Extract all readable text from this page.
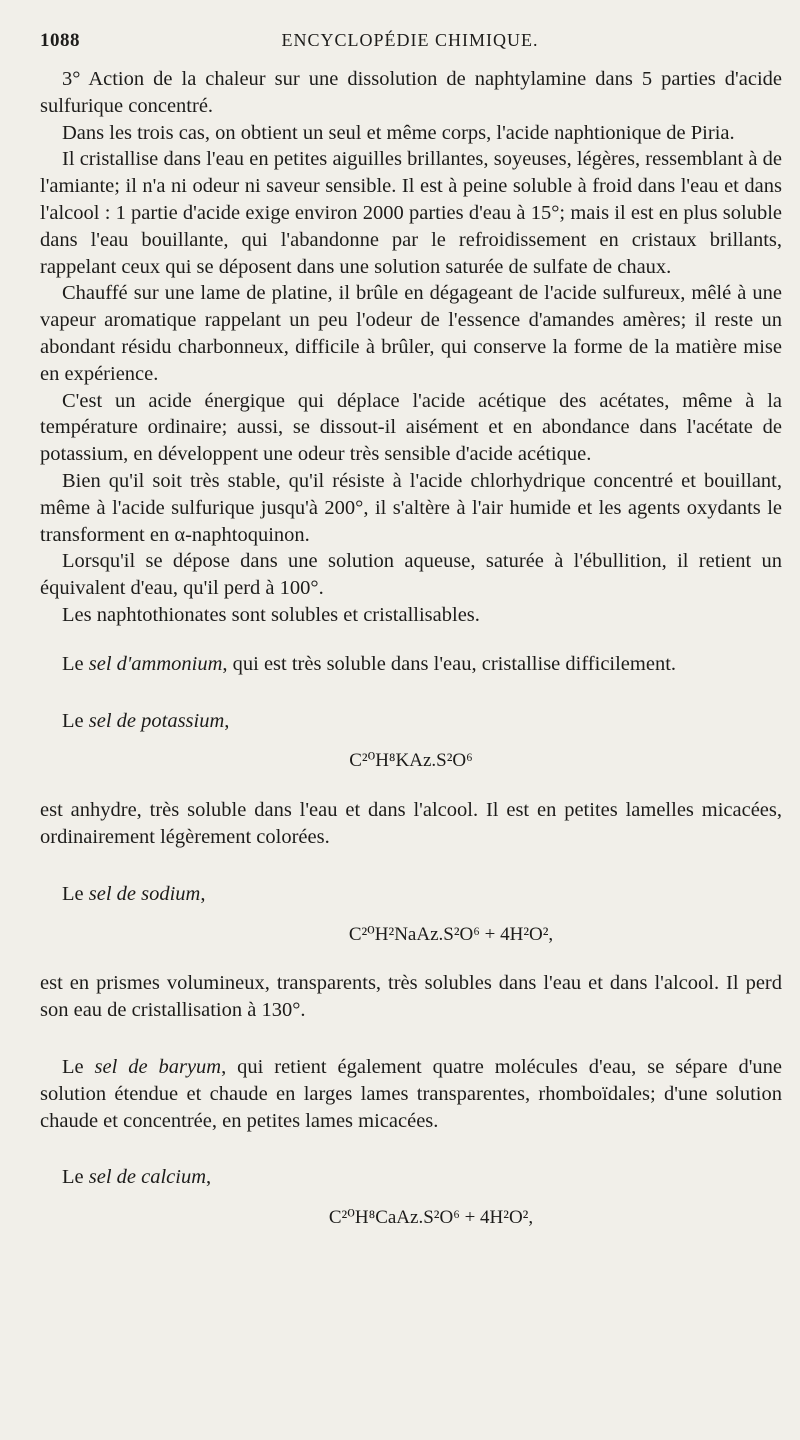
1088	ENCYCLOPÉDIE CHIMIQUE.

3° Action de la chaleur sur une dissolution de naphtylamine dans 5 parties d'acide sulfurique concentré.

Dans les trois cas, on obtient un seul et même corps, l'acide naphtionique de Piria.

Il cristallise dans l'eau en petites aiguilles brillantes, soyeuses, légères, ressemblant à de l'amiante; il n'a ni odeur ni saveur sensible. Il est à peine soluble à froid dans l'eau et dans l'alcool : 1 partie d'acide exige environ 2000 parties d'eau à 15°; mais il est en plus soluble dans l'eau bouillante, qui l'abandonne par le refroidissement en cristaux brillants, rappelant ceux qui se déposent dans une solution saturée de sulfate de chaux.

Chauffé sur une lame de platine, il brûle en dégageant de l'acide sulfureux, mêlé à une vapeur aromatique rappelant un peu l'odeur de l'essence d'amandes amères; il reste un abondant résidu charbonneux, difficile à brûler, qui conserve la forme de la matière mise en expérience.

C'est un acide énergique qui déplace l'acide acétique des acétates, même à la température ordinaire; aussi, se dissout-il aisément et en abondance dans l'acétate de potassium, en développent une odeur très sensible d'acide acétique.

Bien qu'il soit très stable, qu'il résiste à l'acide chlorhydrique concentré et bouillant, même à l'acide sulfurique jusqu'à 200°, il s'altère à l'air humide et les agents oxydants le transforment en α-naphtoquinon.

Lorsqu'il se dépose dans une solution aqueuse, saturée à l'ébullition, il retient un équivalent d'eau, qu'il perd à 100°.

Les naphtothionates sont solubles et cristallisables.

Le sel d'ammonium, qui est très soluble dans l'eau, cristallise difficilement.

Le sel de potassium,

C²⁰H⁸KAz.S²O⁶

est anhydre, très soluble dans l'eau et dans l'alcool. Il est en petites lamelles micacées, ordinairement légèrement colorées.

Le sel de sodium,

C²⁰H²NaAz.S²O⁶ + 4H²O²,

est en prismes volumineux, transparents, très solubles dans l'eau et dans l'alcool. Il perd son eau de cristallisation à 130°.

Le sel de baryum, qui retient également quatre molécules d'eau, se sépare d'une solution étendue et chaude en larges lames transparentes, rhomboïdales; d'une solution chaude et concentrée, en petites lames micacées.

Le sel de calcium,

C²⁰H⁸CaAz.S²O⁶ + 4H²O²,
